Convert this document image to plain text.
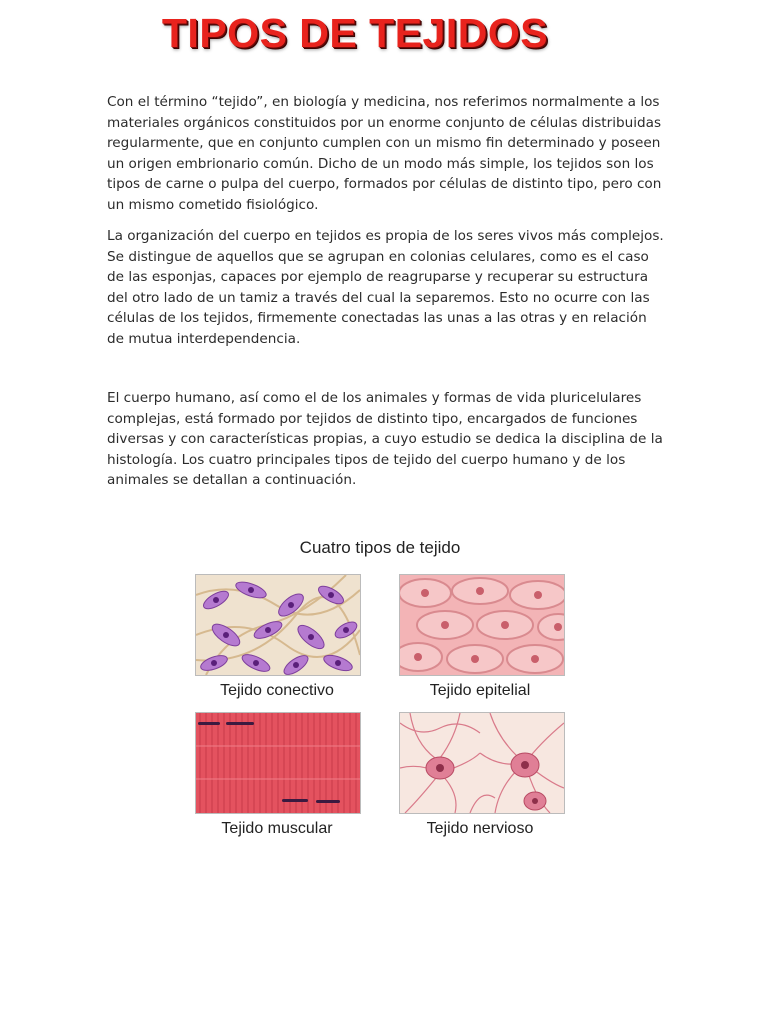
TIPOS DE TEJIDOS

Con el término “tejido”, en biología y medicina, nos referimos normalmente a los materiales orgánicos constituidos por un enorme conjunto de células distribuidas regularmente, que en conjunto cumplen con un mismo fin determinado y poseen un origen embrionario común. Dicho de un modo más simple, los tejidos son los tipos de carne o pulpa del cuerpo, formados por células de distinto tipo, pero con un mismo cometido fisiológico.

La organización del cuerpo en tejidos es propia de los seres vivos más complejos. Se distingue de aquellos que se agrupan en colonias celulares, como es el caso de las esponjas, capaces por ejemplo de reagruparse y recuperar su estructura del otro lado de un tamiz a través del cual la separemos. Esto no ocurre con las células de los tejidos, firmemente conectadas las unas a las otras y en relación de mutua interdependencia.

El cuerpo humano, así como el de los animales y formas de vida pluricelulares complejas, está formado por tejidos de distinto tipo, encargados de funciones diversas y con características propias, a cuyo estudio se dedica la disciplina de la histología. Los cuatro principales tipos de tejido del cuerpo humano y de los animales se detallan a continuación.

Cuatro tipos de tejido
Tejido conectivo	Tejido epitelial
Tejido muscular	Tejido nervioso
